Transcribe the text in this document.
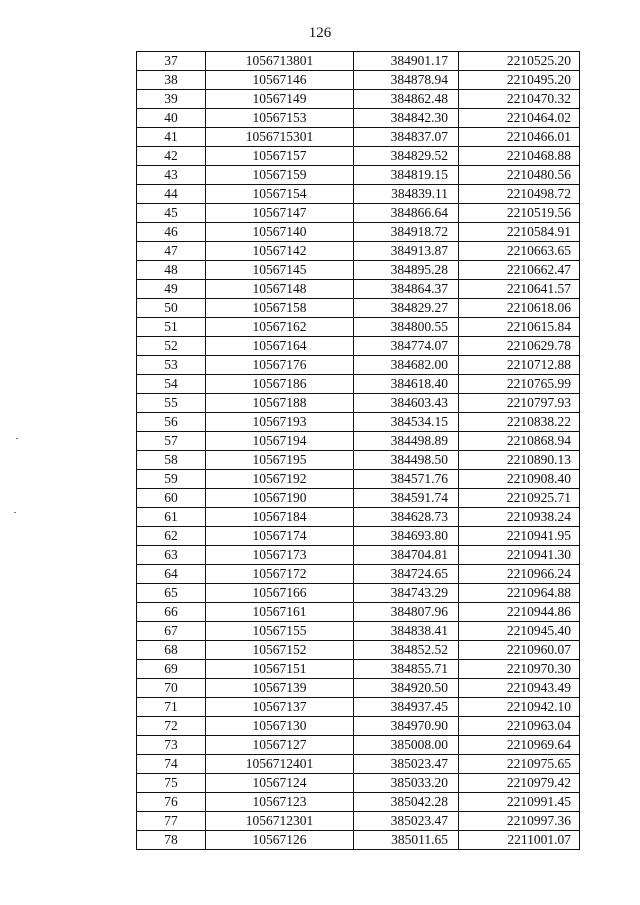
126
37	1056713801	384901.17	2210525.20
38	10567146	384878.94	2210495.20
39	10567149	384862.48	2210470.32
40	10567153	384842.30	2210464.02
41	1056715301	384837.07	2210466.01
42	10567157	384829.52	2210468.88
43	10567159	384819.15	2210480.56
44	10567154	384839.11	2210498.72
45	10567147	384866.64	2210519.56
46	10567140	384918.72	2210584.91
47	10567142	384913.87	2210663.65
48	10567145	384895.28	2210662.47
49	10567148	384864.37	2210641.57
50	10567158	384829.27	2210618.06
51	10567162	384800.55	2210615.84
52	10567164	384774.07	2210629.78
53	10567176	384682.00	2210712.88
54	10567186	384618.40	2210765.99
55	10567188	384603.43	2210797.93
56	10567193	384534.15	2210838.22
57	10567194	384498.89	2210868.94
58	10567195	384498.50	2210890.13
59	10567192	384571.76	2210908.40
60	10567190	384591.74	2210925.71
61	10567184	384628.73	2210938.24
62	10567174	384693.80	2210941.95
63	10567173	384704.81	2210941.30
64	10567172	384724.65	2210966.24
65	10567166	384743.29	2210964.88
66	10567161	384807.96	2210944.86
67	10567155	384838.41	2210945.40
68	10567152	384852.52	2210960.07
69	10567151	384855.71	2210970.30
70	10567139	384920.50	2210943.49
71	10567137	384937.45	2210942.10
72	10567130	384970.90	2210963.04
73	10567127	385008.00	2210969.64
74	1056712401	385023.47	2210975.65
75	10567124	385033.20	2210979.42
76	10567123	385042.28	2210991.45
77	1056712301	385023.47	2210997.36
78	10567126	385011.65	2211001.07
